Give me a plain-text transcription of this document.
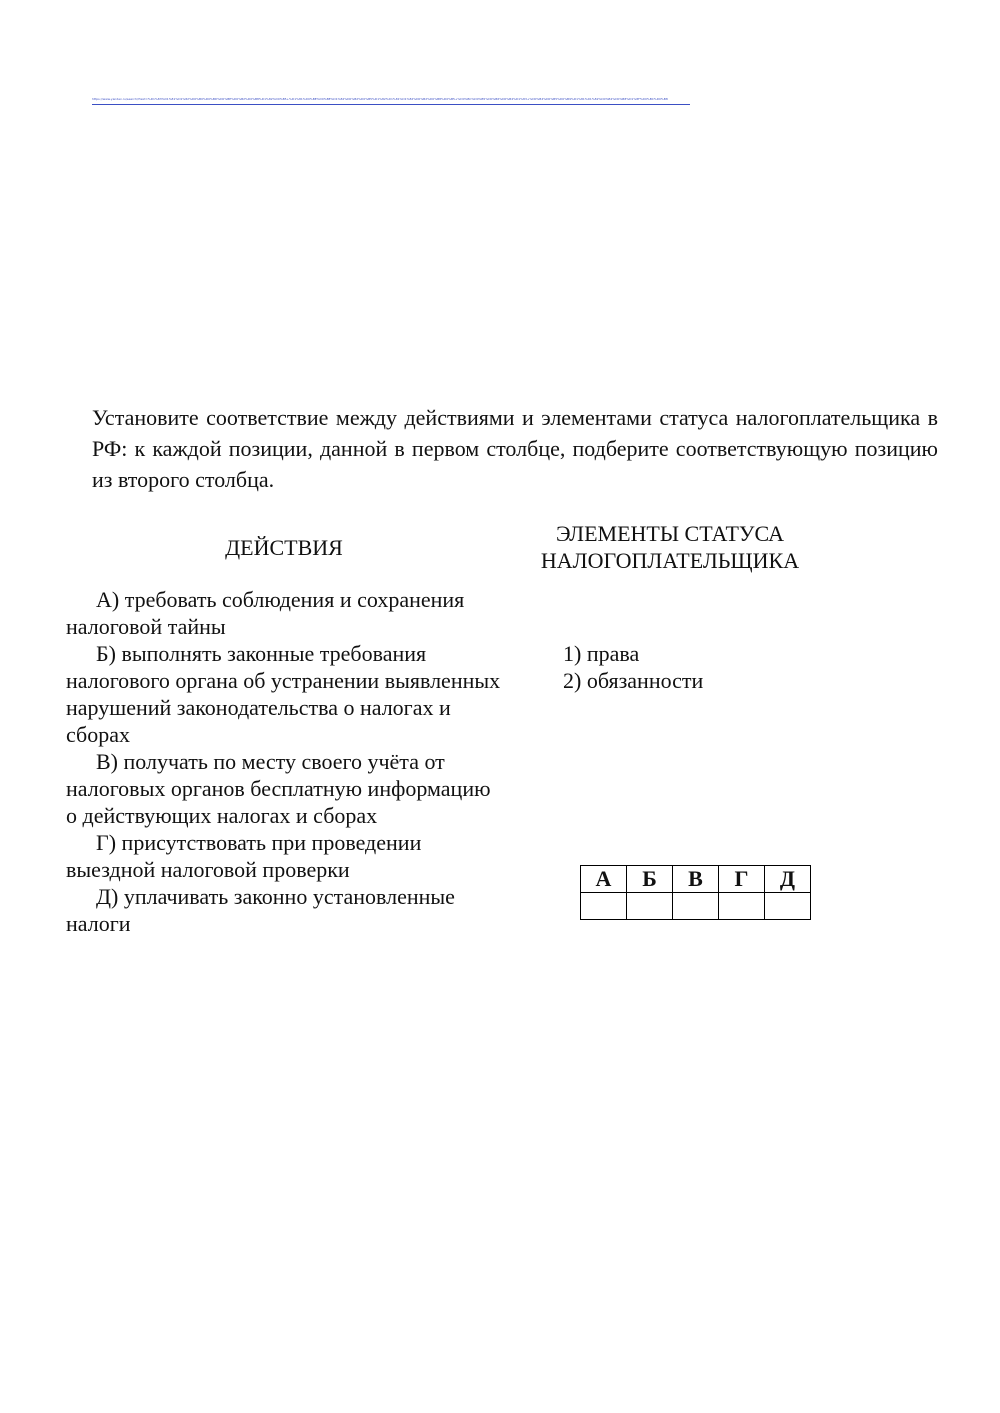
https://www.yandex.ru/search/?text=%D1%83%D1%81%D1%82%D0%B0%D0%BD%D0%BE%D0%B2%D0%B8%D1%82%D0%B5+%D1%81%D0%BE%D0%BE%D1%82%D0%B2%D0%B5%D1%82%D1%81%D1%82%D0%B2%D0%B8%D0%B5+%D0%BC%D0%B5%D0%B6%D0%B4%D1%83+%D0%B4%D0%B5%D0%B9%D1%81%D1%82%D0%B2%D0%B8%D1%8F%D0%BC%D0%B8

Установите соответствие между действиями и элементами статуса налогоплательщика в РФ: к каждой позиции, данной в первом столбце, подберите соответствующую позицию из второго столбца.

ДЕЙСТВИЯ
ЭЛЕМЕНТЫ СТАТУСА
НАЛОГОПЛАТЕЛЬЩИКА

А) требовать соблюдения и сохранения налоговой тайны

Б) выполнять законные требования налогового органа об устранении выявленных нарушений законодательства о налогах и сборах

В) получать по месту своего учёта от налоговых органов бесплатную информацию о действующих налогах и сборах

Г) присутствовать при проведении выездной налоговой проверки

Д) уплачивать законно установленные налоги

1) права

2) обязанности

А	Б	В	Г	Д
